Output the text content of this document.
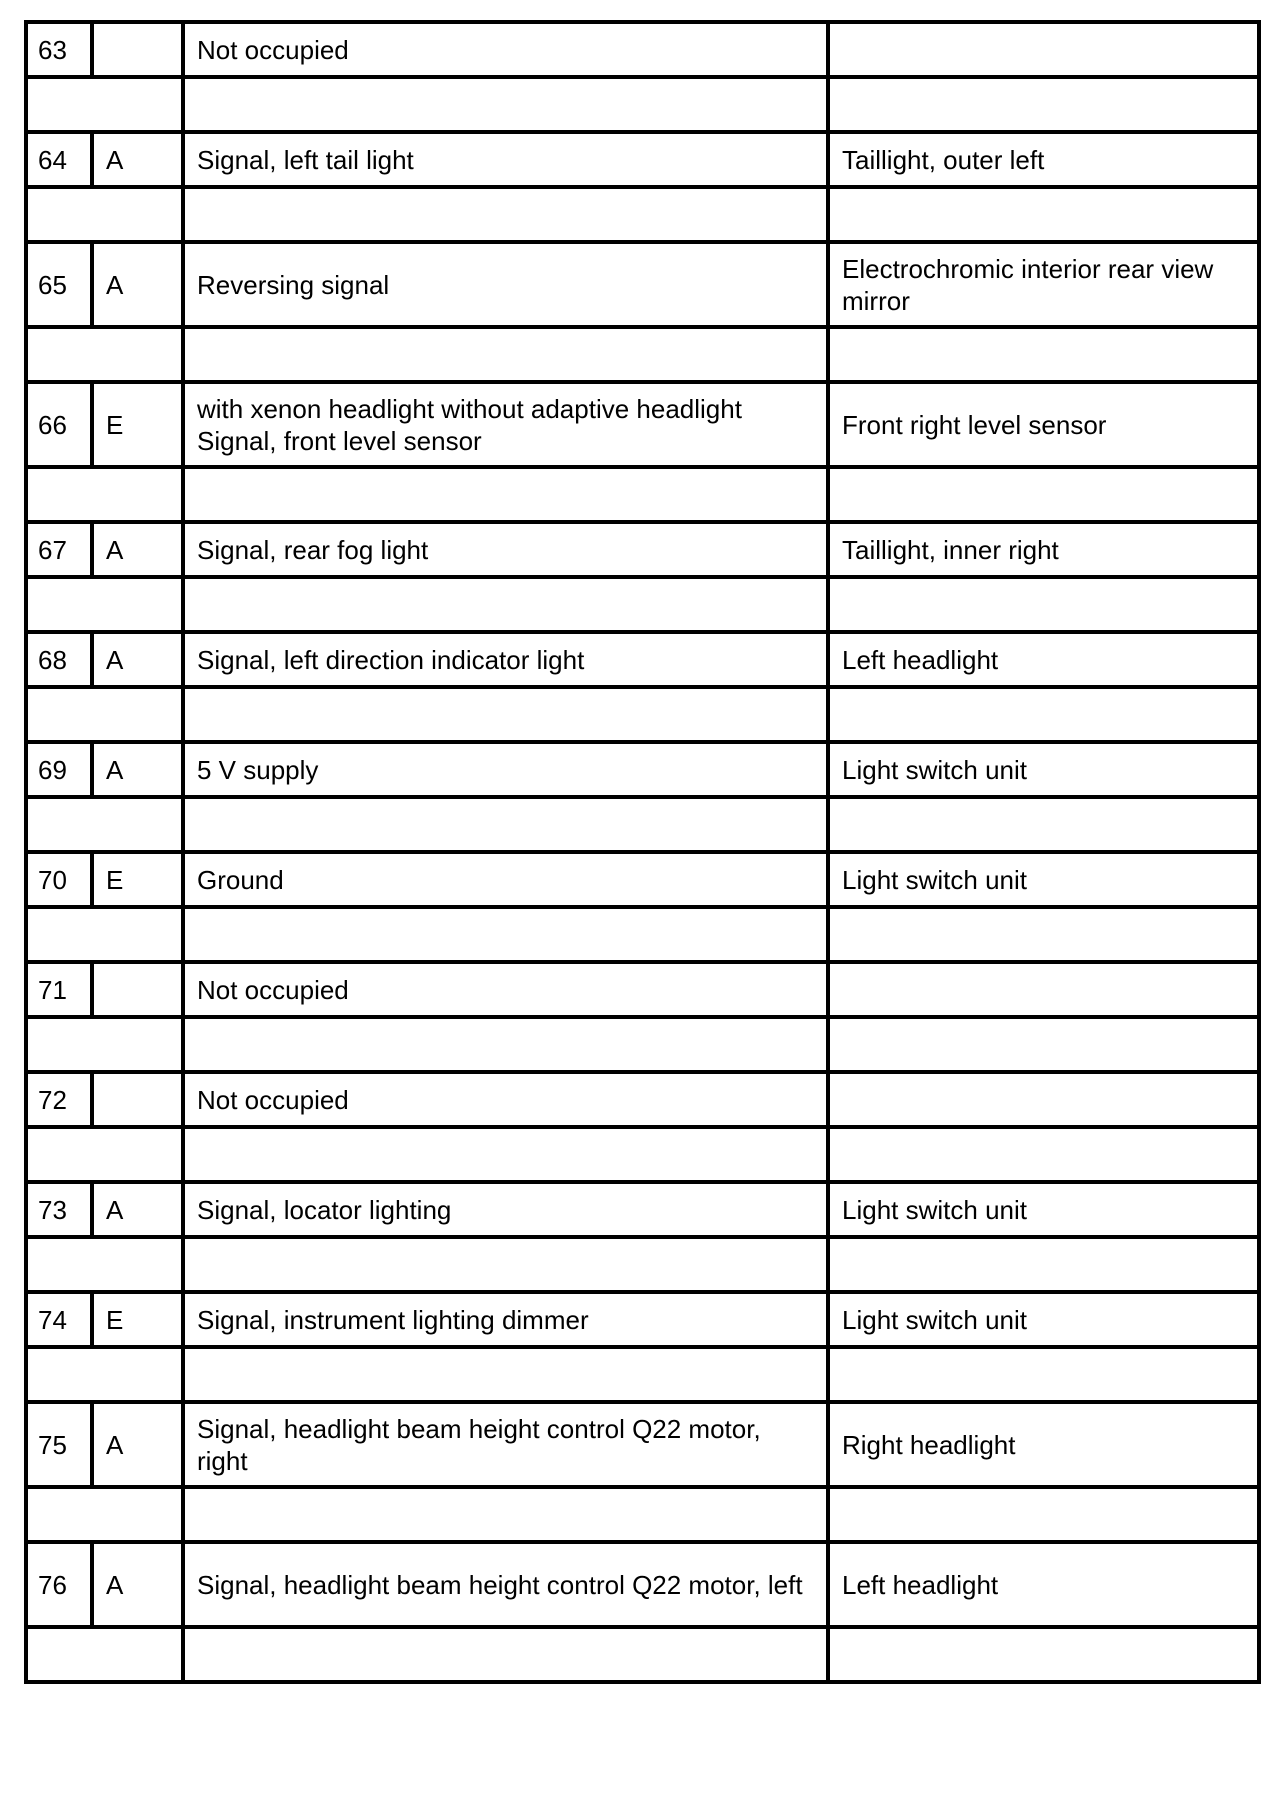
63		Not occupied	

64	A	Signal, left tail light	Taillight, outer left

65	A	Reversing signal	Electrochromic interior rear view mirror

66	E	with xenon headlight without adaptive headlight Signal, front level sensor	Front right level sensor

67	A	Signal, rear fog light	Taillight, inner right

68	A	Signal, left direction indicator light	Left headlight

69	A	5 V supply	Light switch unit

70	E	Ground	Light switch unit

71		Not occupied	

72		Not occupied	

73	A	Signal, locator lighting	Light switch unit

74	E	Signal, instrument lighting dimmer	Light switch unit

75	A	Signal, headlight beam height control Q22 motor, right	Right headlight

76	A	Signal, headlight beam height control Q22 motor, left	Left headlight
